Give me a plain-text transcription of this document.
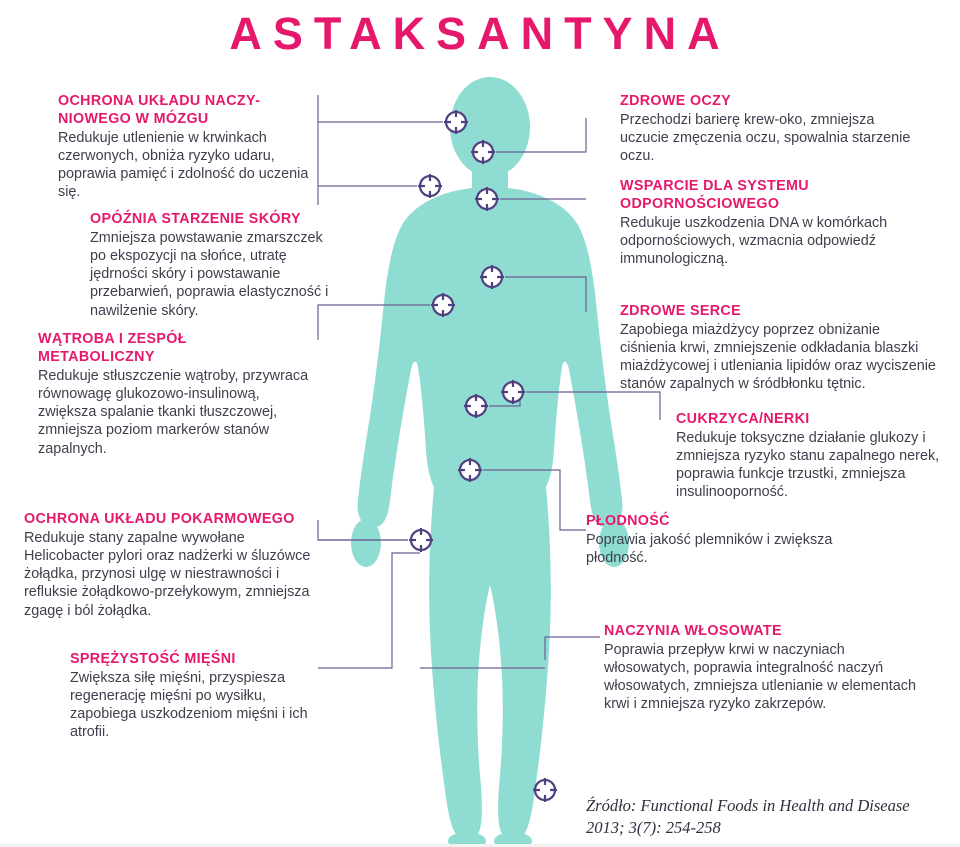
ASTAKSANTYNA
OCHRONA UKŁADU NACZY-
NIOWEGO W MÓZGU
Redukuje utlenienie w krwinkach czerwonych, obniża ryzyko udaru, poprawia pamięć i zdolność do uczenia się.
OPÓŹNIA STARZENIE SKÓRY
Zmniejsza powstawanie zmarszczek po ekspozycji na słońce, utratę jędrności skóry i powstawanie przebarwień, poprawia elastyczność i nawilżenie skóry.
WĄTROBA I ZESPÓŁ
METABOLICZNY
Redukuje stłuszczenie wątroby, przywraca równowagę glukozowo-insulinową, zwiększa spalanie tkanki tłuszczowej, zmniejsza poziom markerów stanów zapalnych.
OCHRONA UKŁADU POKARMOWEGO
Redukuje stany zapalne wywołane Helicobacter pylori oraz nadżerki w śluzówce żołądka, przynosi ulgę w niestrawności i refluksie żołądkowo-przełykowym, zmniejsza zgagę i ból żołądka.
SPRĘŻYSTOŚĆ MIĘŚNI
Zwiększa siłę mięśni, przyspiesza regenerację mięśni po wysiłku, zapobiega uszkodzeniom mięśni i ich atrofii.
ZDROWE OCZY
Przechodzi barierę krew-oko, zmniejsza uczucie zmęczenia oczu, spowalnia starzenie oczu.
WSPARCIE DLA SYSTEMU
ODPORNOŚCIOWEGO
Redukuje uszkodzenia DNA w komórkach odpornościowych, wzmacnia odpowiedź immunologiczną.
ZDROWE SERCE
Zapobiega miażdżycy poprzez obniżanie ciśnienia krwi, zmniejszenie odkładania blaszki miażdżycowej i utleniania lipidów oraz wyciszenie stanów zapalnych w śródbłonku tętnic.
CUKRZYCA/NERKI
Redukuje toksyczne działanie glukozy i zmniejsza ryzyko stanu zapalnego nerek, poprawia funkcje trzustki, zmniejsza insulinooporność.
PŁODNOŚĆ
Poprawia jakość plemników i zwiększa płodność.
NACZYNIA WŁOSOWATE
Poprawia przepływ krwi w naczyniach włosowatych, poprawia integralność naczyń włosowatych, zmniejsza utlenianie w elementach krwi i zmniejsza ryzyko zakrzepów.
Źródło: Functional Foods in Health and Disease 2013; 3(7): 254-258
